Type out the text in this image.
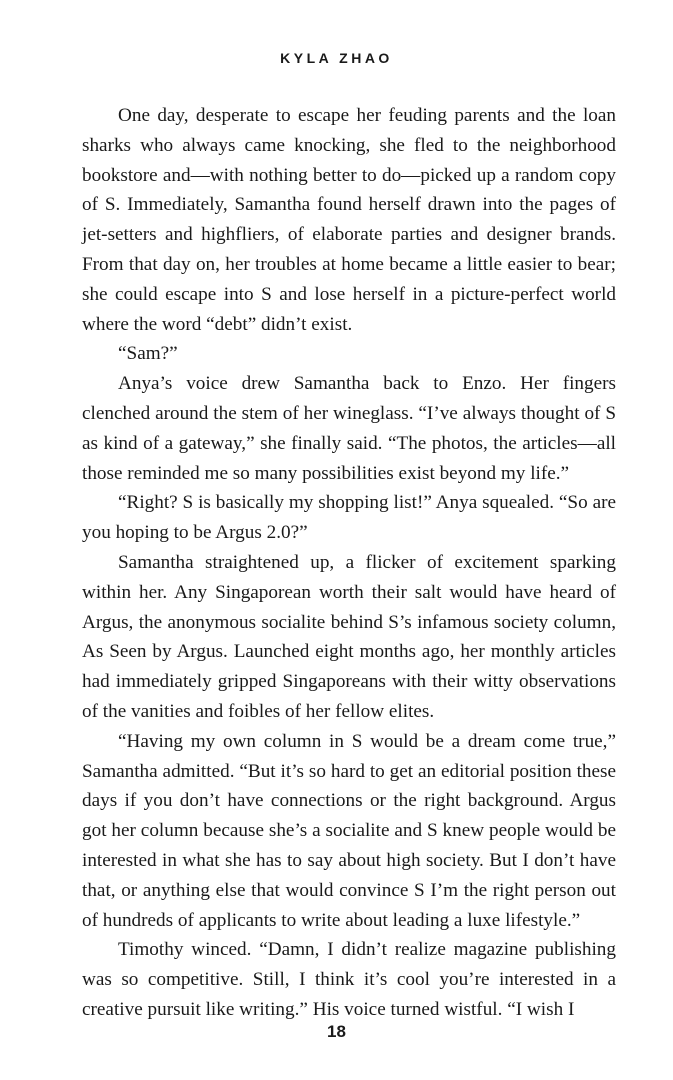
KYLA ZHAO

One day, desperate to escape her feuding parents and the loan sharks who always came knocking, she fled to the neighborhood bookstore and—with nothing better to do—picked up a random copy of S. Immediately, Samantha found herself drawn into the pages of jet-setters and highfliers, of elaborate parties and designer brands. From that day on, her troubles at home became a little easier to bear; she could escape into S and lose herself in a picture-perfect world where the word “debt” didn’t exist.

“Sam?”

Anya’s voice drew Samantha back to Enzo. Her fingers clenched around the stem of her wineglass. “I’ve always thought of S as kind of a gateway,” she finally said. “The photos, the articles—all those reminded me so many possibilities exist beyond my life.”

“Right? S is basically my shopping list!” Anya squealed. “So are you hoping to be Argus 2.0?”

Samantha straightened up, a flicker of excitement sparking within her. Any Singaporean worth their salt would have heard of Argus, the anonymous socialite behind S’s infamous society column, As Seen by Argus. Launched eight months ago, her monthly articles had immediately gripped Singaporeans with their witty observations of the vanities and foibles of her fellow elites.

“Having my own column in S would be a dream come true,” Samantha admitted. “But it’s so hard to get an editorial position these days if you don’t have connections or the right background. Argus got her column because she’s a socialite and S knew people would be interested in what she has to say about high society. But I don’t have that, or anything else that would convince S I’m the right person out of hundreds of applicants to write about leading a luxe lifestyle.”

Timothy winced. “Damn, I didn’t realize magazine publishing was so competitive. Still, I think it’s cool you’re interested in a creative pursuit like writing.” His voice turned wistful. “I wish I

18
